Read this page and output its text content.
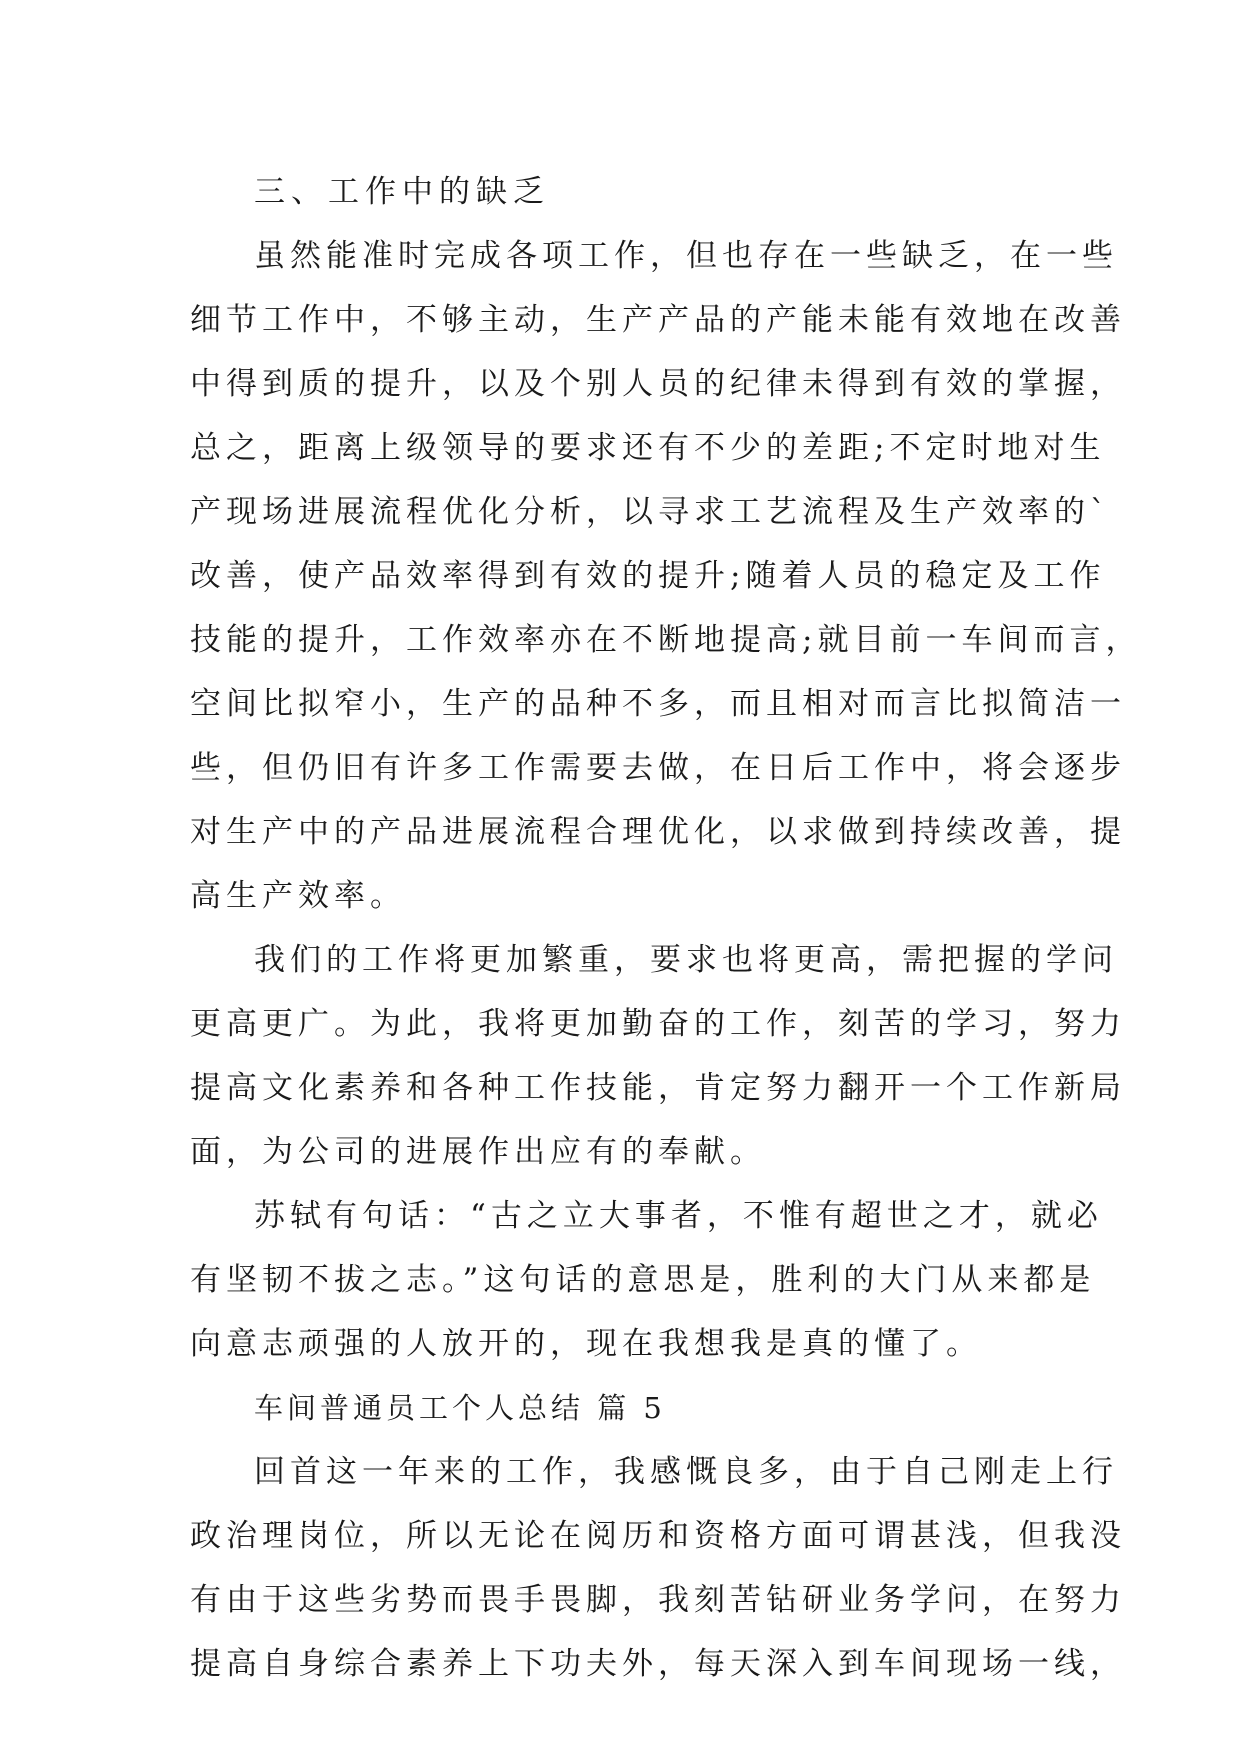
三、工作中的缺乏
虽然能准时完成各项工作，但也存在一些缺乏，在一些
细节工作中，不够主动，生产产品的产能未能有效地在改善
中得到质的提升，以及个别人员的纪律未得到有效的掌握，
总之，距离上级领导的要求还有不少的差距;不定时地对生
产现场进展流程优化分析，以寻求工艺流程及生产效率的`
改善，使产品效率得到有效的提升;随着人员的稳定及工作
技能的提升，工作效率亦在不断地提高;就目前一车间而言，
空间比拟窄小，生产的品种不多，而且相对而言比拟简洁一
些，但仍旧有许多工作需要去做，在日后工作中，将会逐步
对生产中的产品进展流程合理优化，以求做到持续改善，提
高生产效率。
我们的工作将更加繁重，要求也将更高，需把握的学问
更高更广。为此，我将更加勤奋的工作，刻苦的学习，努力
提高文化素养和各种工作技能，肯定努力翻开一个工作新局
面，为公司的进展作出应有的奉献。
苏轼有句话：“古之立大事者，不惟有超世之才，就必
有坚韧不拔之志。”这句话的意思是，胜利的大门从来都是
向意志顽强的人放开的，现在我想我是真的懂了。
车间普通员工个人总结 篇 5
回首这一年来的工作，我感慨良多，由于自己刚走上行
政治理岗位，所以无论在阅历和资格方面可谓甚浅，但我没
有由于这些劣势而畏手畏脚，我刻苦钻研业务学问，在努力
提高自身综合素养上下功夫外，每天深入到车间现场一线，
